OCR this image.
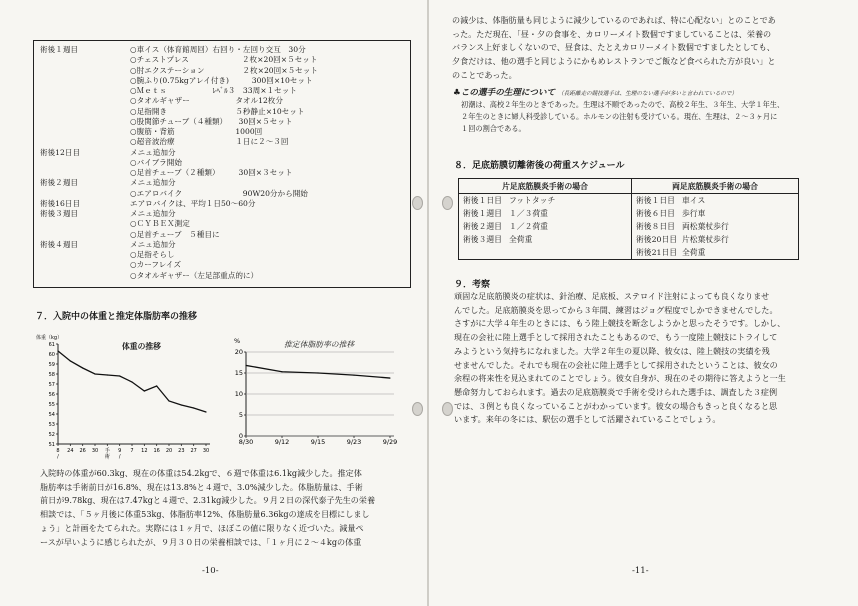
術後１週目	○車イス（体育館周回）右回り・左回り交互　30分
○チェストプレス　　　　　　　２枚×20回×５セット
○肘エクステーション　　　　　２枚×20回×５セット
○腕ふり(0.75kgアレイ付き)　　　300回×10セット
○Ｍｅｔｓ　　　　　　ﾚﾍﾞﾙ３　33周×１セット
○タオルギャザー　　　　　　タオル12枚分
○足指開き　　　　　　　　　５秒静止×10セット
○股関節チューブ（４種類）　　30回×５セット
○腹筋・背筋　　　　　　　　1000回
○超音波治療　　　　　　　　１日に２～３回
術後12日目	メニュ追加分
○バイブラ開始
○足首チューブ（２種類）　　　30回×３セット
術後２週目	メニュ追加分
○エアロバイク　　　　　　　　90W20分から開始
術後16日目	エアロバイクは、平均１日50～60分
術後３週目	メニュ追加分
○ＣＹＢＥＸ測定
○足首チューブ　５種目に
術後４週目	メニュ追加分
○足指そらし
○カーフレイズ
○タオルギャザー（左足部重点的に）
７．入院中の体重と推定体脂肪率の推移
61
60
59
58
57
56
55
54
53
52
51
体重（kg）
8 /
24 26 30 手術
9 /
7 12 16 20 23 27 30
体重の推移
20
15
10
5
0
%
8/30	9/12	9/15	9/23	9/29
推定体脂肪率の推移
入院時の体重が60.3kg、現在の体重は54.2kgで、６週で体重は6.1kg減少した。推定体
脂肪率は手術前日が16.8%、現在は13.8%と４週で、3.0%減少した。体脂肪量は、手術
前日が9.78kg、現在は7.47kgと４週で、2.31kg減少した。９月２日の深代泰子先生の栄養
相談では、「５ヶ月後に体重53kg、体脂肪率12%、体脂肪量6.36kgの達成を目標にしまし
ょう」と計画をたてられた。実際には１ヶ月で、ほぼこの値に限りなく近づいた。減量ぺ
ースが早いように感じられたが、９月３０日の栄養相談では、「１ヶ月に２～４kgの体重
-10-
の減少は、体脂肪量も同じように減少しているのであれば、特に心配ない」とのことであ
った。ただ現在、「昼・夕の食事を、カロリーメイト数個ですましていることは、栄養の
バランス上好ましくないので、昼食は、たとえカロリーメイト数個ですましたとしても、
夕食だけは、他の選手と同じようにかもめレストランでご飯など食べられた方が良い」と
のことであった。
♣この選手の生理について （長距離走の競技選手は、生理のない選手が多いと言われているので）
初潮は、高校２年生のときであった。生理は不順であったので、高校２年生、３年生、大学１年生、
２年生のときに婦人科受診している。ホルモンの注射も受けている。現在、生理は、２～３ヶ月に
１回の割合である。
８．足底筋膜切離術後の荷重スケジュール
片足底筋膜炎手術の場合	両足底筋膜炎手術の場合
術後１日目 フットタッチ	術後１日目 車イス
術後１週目 １／３荷重	術後６日目 歩行車
術後２週目 １／２荷重	術後８日目 両松葉杖歩行
術後３週目 全荷重	術後20日目 片松葉杖歩行
	術後21日目 全荷重
９．考察
頑固な足底筋膜炎の症状は、針治療、足底板、ステロイド注射によっても良くなりませ
んでした。足底筋膜炎を思ってから３年間、練習はジョグ程度でしかできませんでした。
さすがに大学４年生のときには、もう陸上競技を断念しようかと思ったそうです。しかし、
現在の会社に陸上選手として採用されたこともあるので、もう一度陸上競技にトライして
みようという気持ちになれました。大学２年生の夏以降、彼女は、陸上競技の実績を残
せませんでした。それでも現在の会社に陸上選手として採用されたということは、彼女の
余程の将来性を見込まれてのことでしょう。彼女自身が、現在のその期待に答えようと一生
懸命努力しておられます。過去の足底筋膜炎で手術を受けられた選手は、調査した３症例
では、３例とも良くなっていることがわかっています。彼女の場合もきっと良くなると思
います。来年の冬には、駅伝の選手として活躍されていることでしょう。
-11-
